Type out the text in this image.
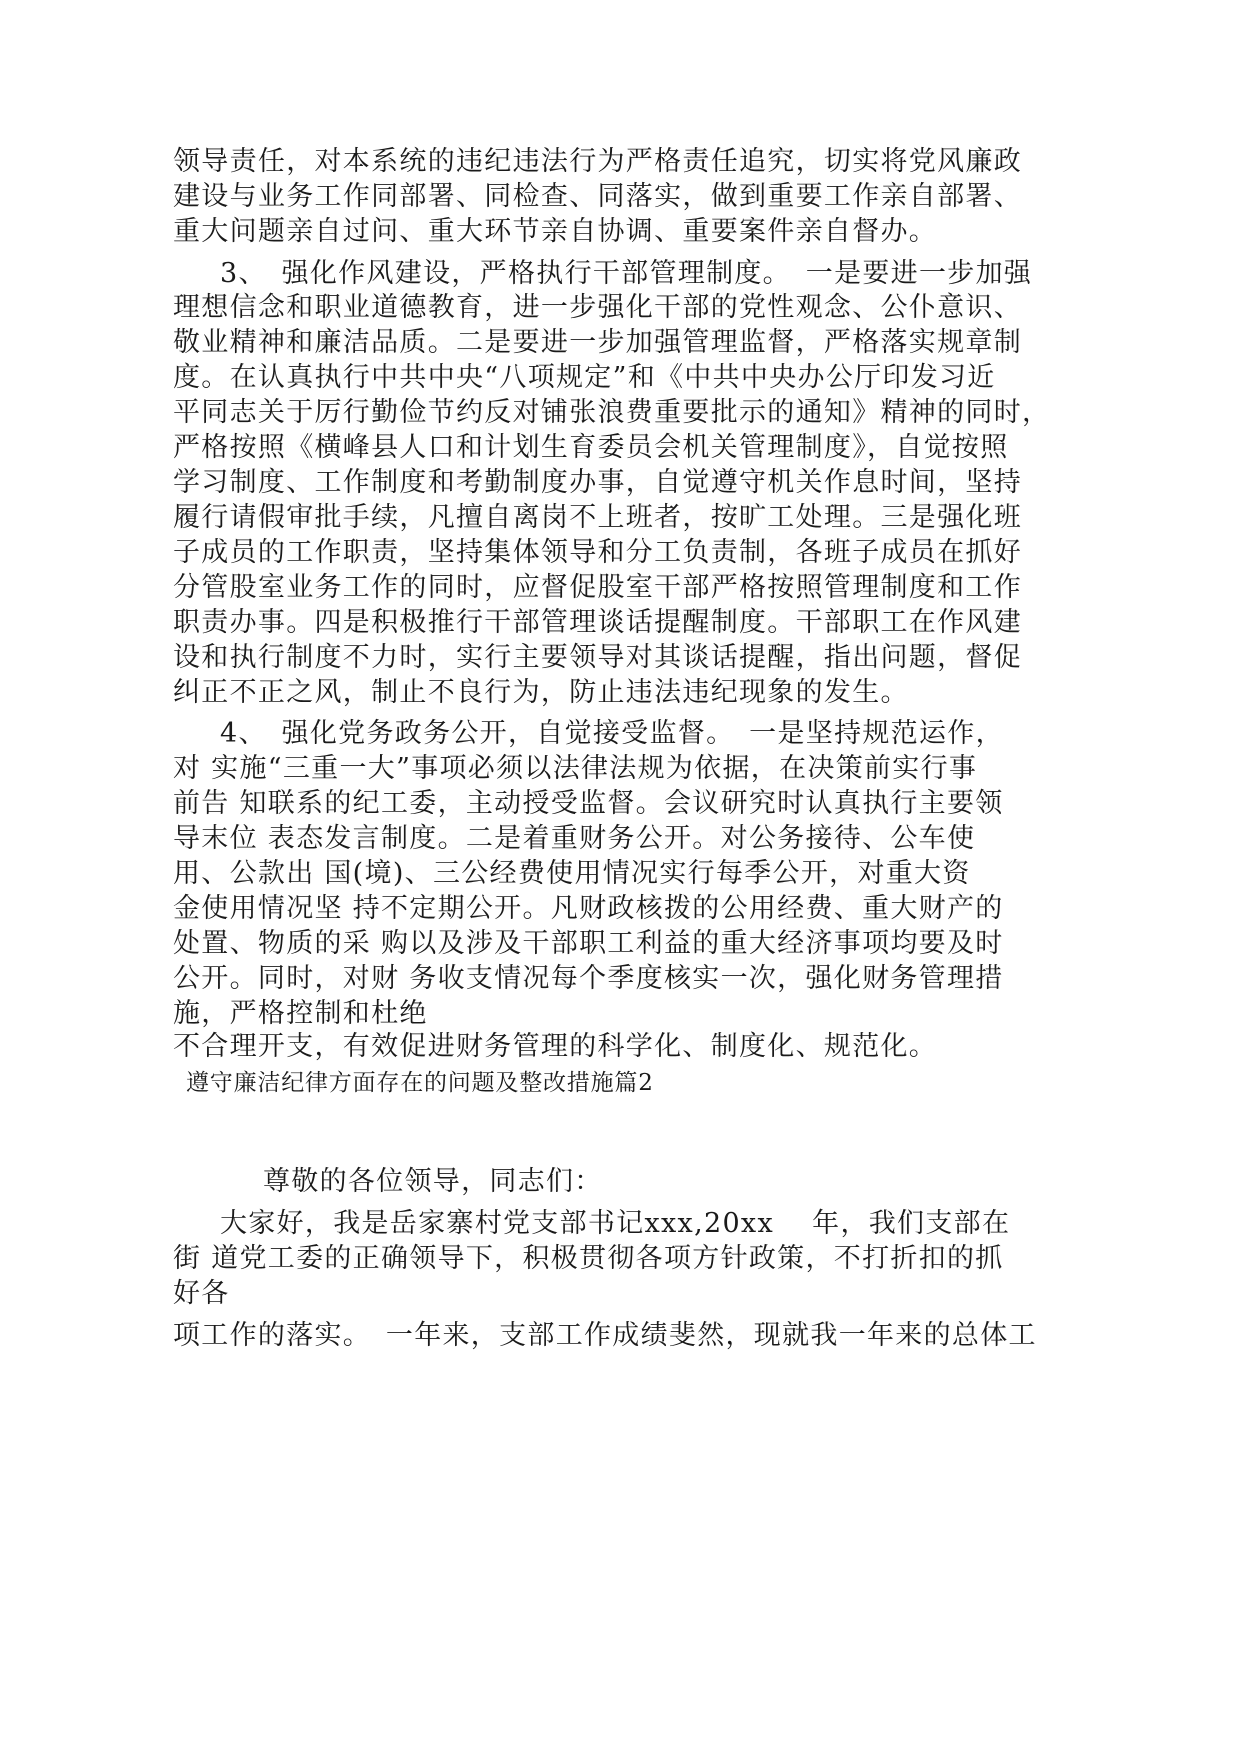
领导责任，对本系统的违纪违法行为严格责任追究，切实将党风廉政
建设与业务工作同部署、同检查、同落实，做到重要工作亲自部署、
重大问题亲自过问、重大环节亲自协调、重要案件亲自督办。
3、　强化作风建设，严格执行干部管理制度。　一是要进一步加强
理想信念和职业道德教育，进一步强化干部的党性观念、公仆意识、
敬业精神和廉洁品质。二是要进一步加强管理监督，严格落实规章制
度。在认真执行中共中央“八项规定”和《中共中央办公厅印发习近
平同志关于厉行勤俭节约反对铺张浪费重要批示的通知》精神的同时，
严格按照《横峰县人口和计划生育委员会机关管理制度》，自觉按照
学习制度、工作制度和考勤制度办事，自觉遵守机关作息时间，坚持
履行请假审批手续，凡擅自离岗不上班者，按旷工处理。三是强化班
子成员的工作职责，坚持集体领导和分工负责制，各班子成员在抓好
分管股室业务工作的同时，应督促股室干部严格按照管理制度和工作
职责办事。四是积极推行干部管理谈话提醒制度。干部职工在作风建
设和执行制度不力时，实行主要领导对其谈话提醒，指出问题，督促
纠正不正之风，制止不良行为，防止违法违纪现象的发生。
4、　强化党务政务公开，自觉接受监督。　一是坚持规范运作，
对 实施“三重一大”事项必须以法律法规为依据，在决策前实行事
前告 知联系的纪工委，主动授受监督。会议研究时认真执行主要领
导末位 表态发言制度。二是着重财务公开。对公务接待、公车使
用、公款出 国(境)、三公经费使用情况实行每季公开，对重大资
金使用情况坚 持不定期公开。凡财政核拨的公用经费、重大财产的
处置、物质的采 购以及涉及干部职工利益的重大经济事项均要及时
公开。同时，对财 务收支情况每个季度核实一次，强化财务管理措
施，严格控制和杜绝
不合理开支，有效促进财务管理的科学化、制度化、规范化。
遵守廉洁纪律方面存在的问题及整改措施篇2
尊敬的各位领导，同志们：
大家好，我是岳家寨村党支部书记xxx,20xx　 年，我们支部在
街 道党工委的正确领导下，积极贯彻各项方针政策，不打折扣的抓
好各
项工作的落实。　一年来，支部工作成绩斐然，现就我一年来的总体工
